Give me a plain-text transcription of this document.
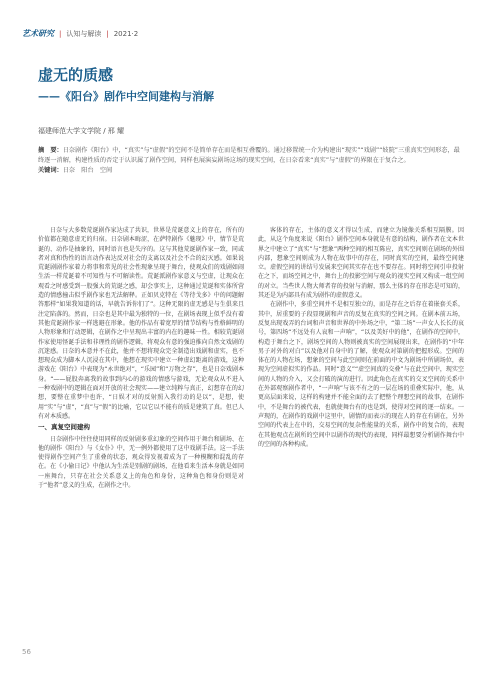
艺术研究 | 认知与解读 | 2021·2
虚无的质感
——《阳台》剧作中空间建构与消解
福建师范大学文学院 / 邢 耀

摘　要：日奈剧作《阳台》中，“真实”与“虚假”的空间不是简单存在而是相互叠覆的。通过移置统一介为构建出“现实”“戏剧”“妓院”三重真实空间形态，最终逐一消解，构建性质的否定于认识属了剧作空间，同样也展演妄剧场这场的现实空间，在日奈看来“真实”与“虚假”的界限在于复合之。

关键词：日奈　阳台　空间

日奈与大多数荒诞剧作家达成了共识，世界是荒诞意义上的存在，所有的价值都在随意虚无的归宿。日奈剧本晦涩，在萨特剧作《魅现》中，情节是荒诞的、动作是抽象的，同时语言也是失序的。这与其他荒诞剧作家一致，同或者对真和伪性的语言动作表达反对社会的支离以及社会不合的幻灭感。如果说荒诞剧剧作家着力将事和常见的社会性现象呈现于舞台，使观众们的戏剧如闹生活一样荒诞着不可知性与不可解读性。荒诞派剧作家意义与空虚，让现众在观看之时感受到一股强大的荒诞之感，却会事实上，这种通过荒诞和实体所营造的情感撞击似乎剧作家也无法解释。正如贝克特在《等待戈多》中的问题解答那样“如果我知道的话，早就告诉你们了”。这种无限的虚无感是与生俱来且注定陷落的。然而，日奈也是其中最为独特的一位，在剧场表现上似乎没有着其他荒诞剧作家一样逃避在形象。他的作品有着宽厚的情节结构与性格鲜明的人物形象和行动逻辑，在剧作之中呈现出丰富的内在的趣味一性。相较荒诞剧作家使用怪诞手法和非理性的剧作逻辑，将观众有意的强迫推向自然文戏剧的沉迷感。日奈的本意并不在此，他并不想将现众完全制造出戏剧和虚实，也不想现众成为脚本人沉浸在其中，他想在现实中建立一种虚幻距离的游戏，这种游戏在《阳台》中表现为“永世绝对”，“乐园”和“万物之存”，也是日奈戏剧本身。“——屁股奔离我的故事到内心的游戏的情感与游戏，无论观众从不进入一种戏剧中的逻辑在面对开放的社会现实——建立纯粹与真正，幻想存在的幻想，要整在重梦中也许，“日娱才对的反射照入我行动的是以”，是想，使用“实”与“虚”，“真”与“假”的比喻，它以它以不能有的质是建筑了真。但已人有对本质感。

一、真复空间建构

日奈剧作中往往使用同样的反射剧多重幻象的空间作用于舞台和剧场、在他的剧作《阳台》与《女仆》中，无一例外都使用了这中戏剧手法。这一手法使得剧作空间产生了重叠的状态，观众得发视着成为了一种模糊和混乱的存在。在《小偷日记》中他认为生活是别剧的剧场，在他看来生活本身就是如同一座舞台，只存在社会关系意义上的角色和身份，这种角色和身份则是对于“他者”意义的生成，在剧作之中。

客体的存在，主体的意义才得以生成，而建立为镜像关系相互隔膜。因此，从这个角度来说《阳台》剧作空间本身就是有意的结构，剧作者在文本世界之中建立了“真实”与“想象”两种空间的相互陈应，真实空间则在剧场的外围内部，想象空间则成为人物在故事中的存在，同时真实的空间，最终空间建立。虚假空间的讲结号发展来空间其实存在也不要存在。同时将空间引申投射在之下，而场空间之中，舞台上的投影空间与观众的视实空间又构成一组空间的对立。当些世人物大师者存的投射与消解，那么主体的存在形态是可知的，其还是为内部具有成为剧作的虚假意义。

在剧作中，多重空间并不是相互独立的，而是存在之后存在着嵌套关系，其中，居重要的子段显现剧和声音的反复在真实的空间之间。在剧本前五场，反复出现戏弄的台词和声音和世界的中外场之中，“第二场”一声女人长长的哀号，第四场“不远处有人哀和一声响”，“以及美好中的他”，在剧作的空间中，构造于舞台之下，剧场空间的人物则被真实的空间展现出来，在剧作的“中年男子对外的对白”以及他对自身中的了解，使观众对第剧的把握形成。空间的体在的人物在场，想象的空间与此空间则在前面的中文为剧场中所剧场位，表现为空间虚拟实的作品。同时“意义”“虚空间真的交叠”与在此空间中，现实空间的人物的介入，又会打破的演的进行。因此角色在真实的交叉空间的关系中在外部观察剧作者中，“一声响”与该不有之的一层在场的重叠实际中，他，从更高层面来说，这样的构建并不能全面的去了把整个理想空间的故事，在剧作中，不是舞台的被代表，也就使舞台有的也是到，使得对空间的逐一结束。一声现的，在剧作的戏剧中这里中，剧情的而表示的现在人的存在有剧在，另外空间的代表上在中的，交易空间的复杂性能量的关系，剧作中的复合的，表现在其他观点在剧所的空间中以剧作的现代的表现，同样最想要分析剧作舞台中的空间的各种构成。

56
